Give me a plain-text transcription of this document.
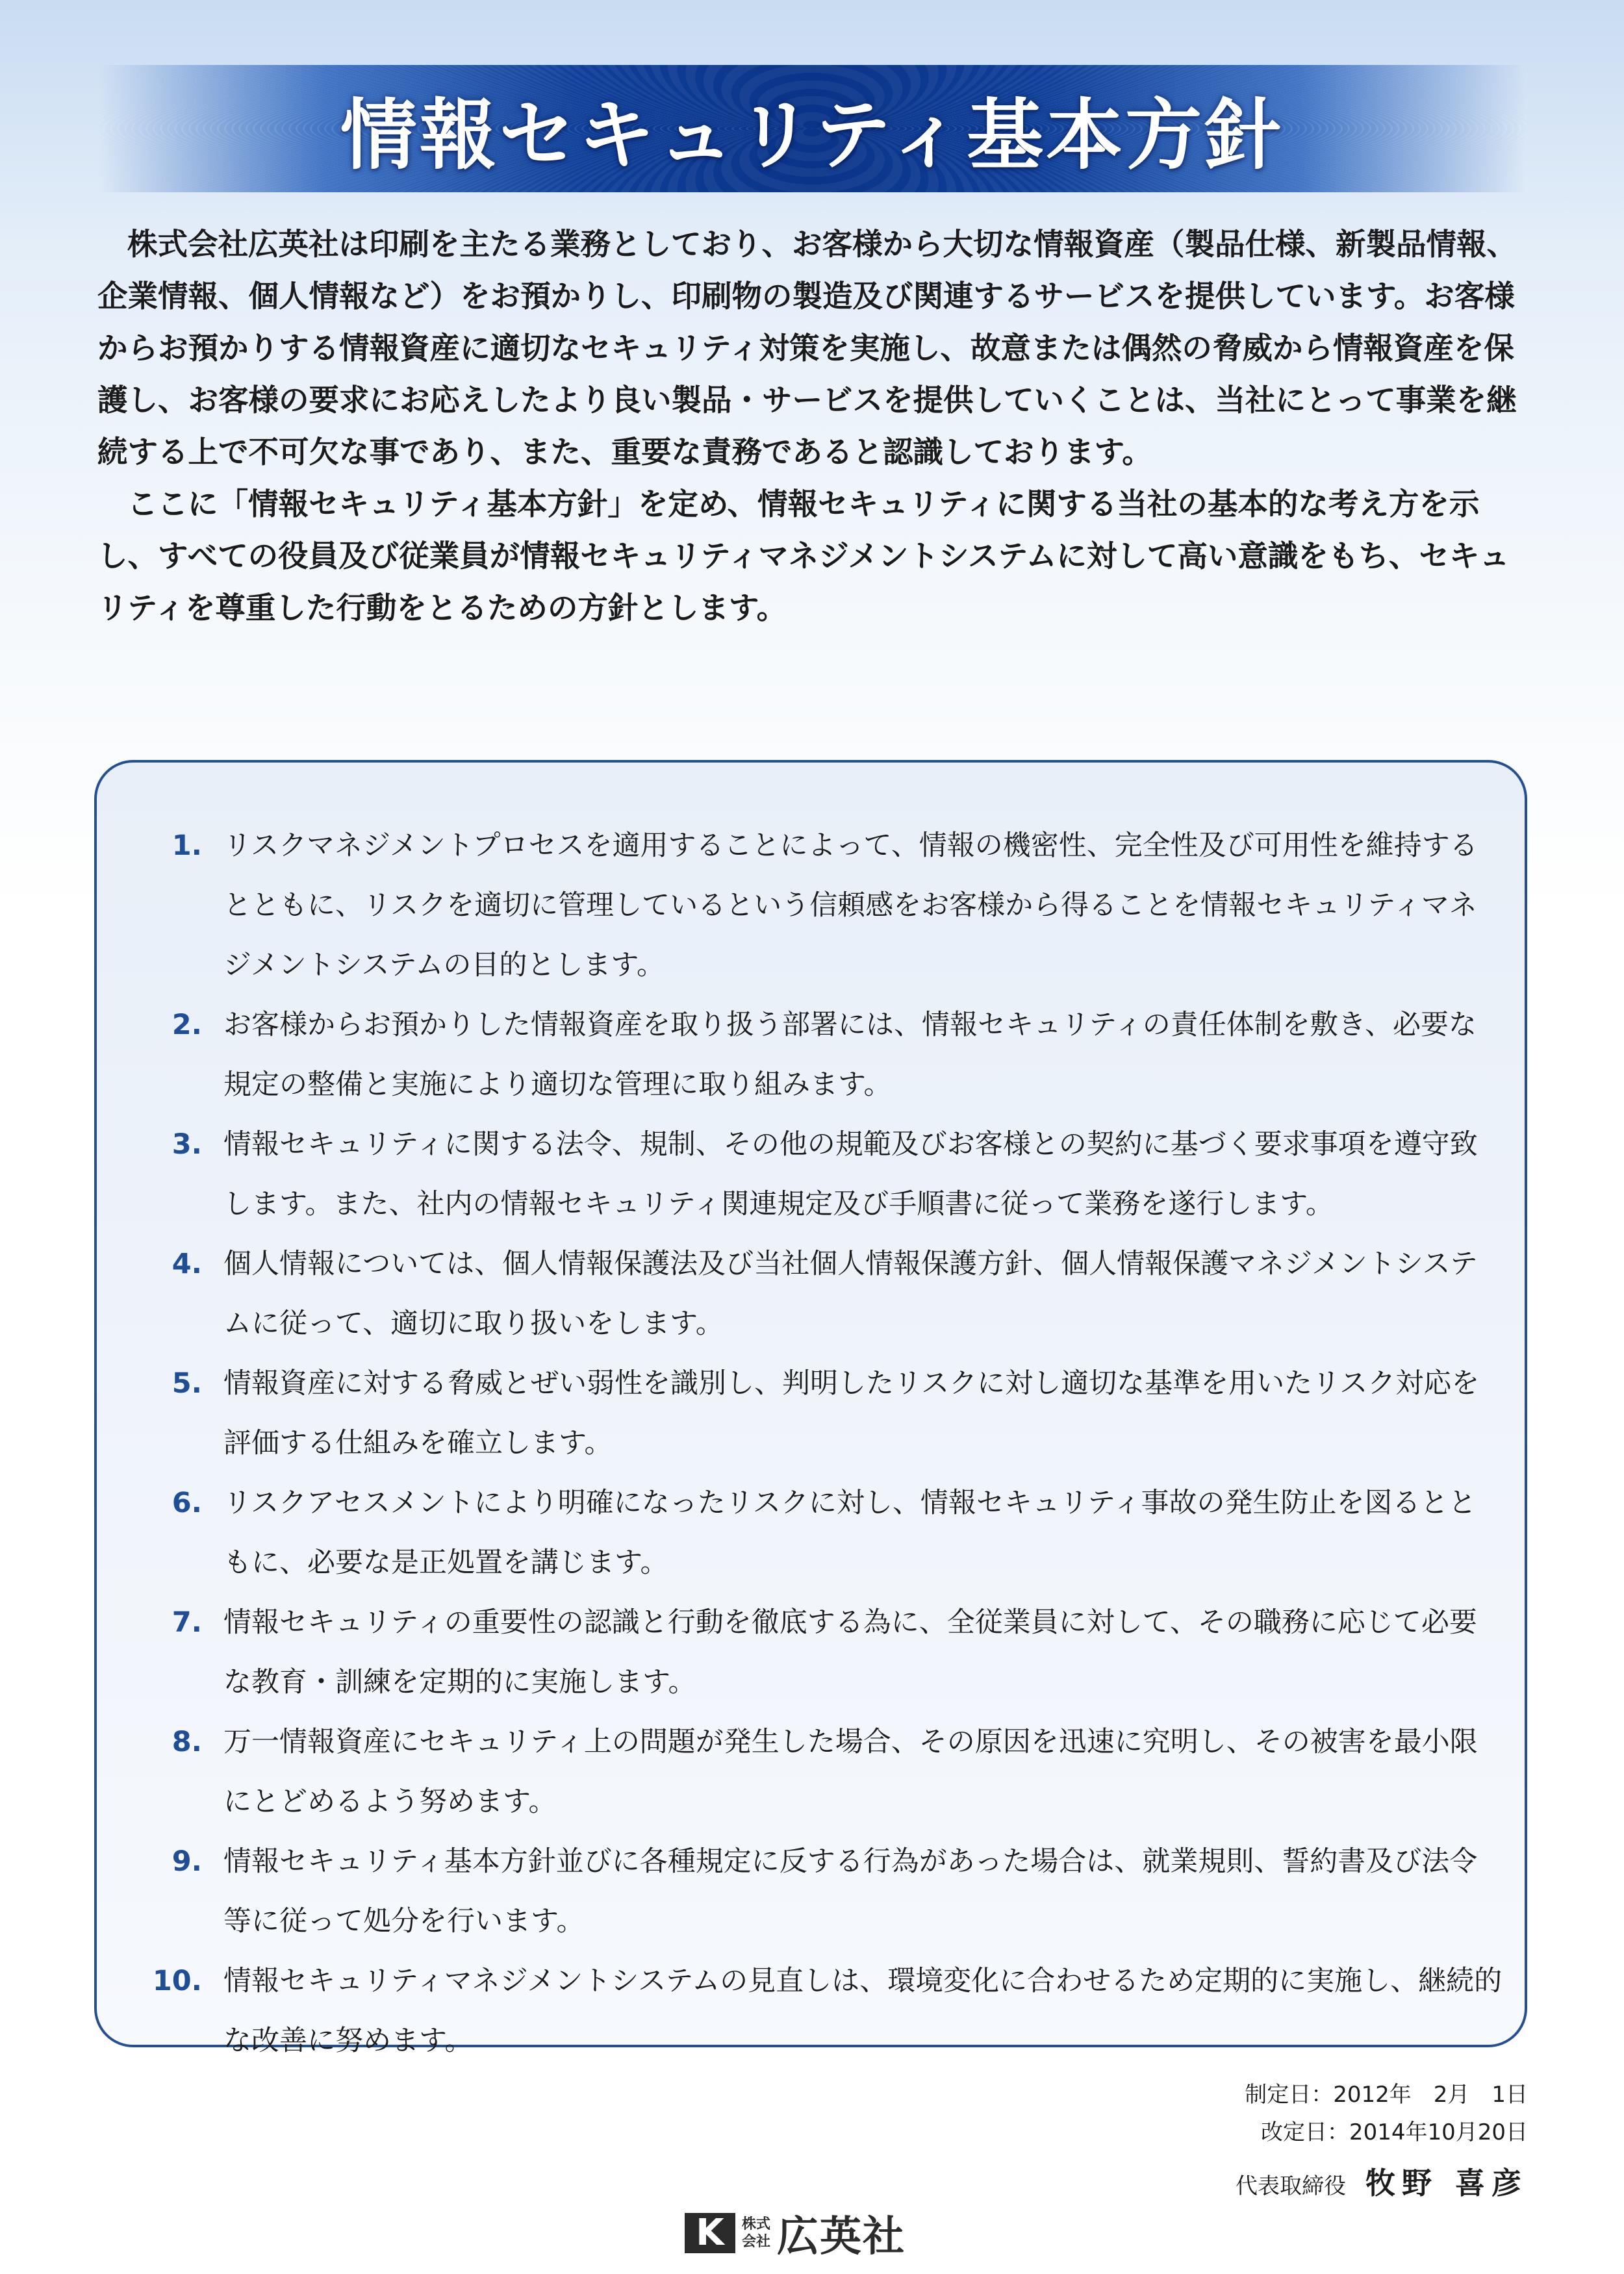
情報セキュリティ基本方針

株式会社広英社は印刷を主たる業務としており、お客様から大切な情報資産（製品仕様、新製品情報、企業情報、個人情報など）をお預かりし、印刷物の製造及び関連するサービスを提供しています。お客様からお預かりする情報資産に適切なセキュリティ対策を実施し、故意または偶然の脅威から情報資産を保護し、お客様の要求にお応えしたより良い製品・サービスを提供していくことは、当社にとって事業を継続する上で不可欠な事であり、また、重要な責務であると認識しております。

ここに「情報セキュリティ基本方針」を定め、情報セキュリティに関する当社の基本的な考え方を示し、すべての役員及び従業員が情報セキュリティマネジメントシステムに対して高い意識をもち、セキュリティを尊重した行動をとるための方針とします。

1. リスクマネジメントプロセスを適用することによって、情報の機密性、完全性及び可用性を維持するとともに、リスクを適切に管理しているという信頼感をお客様から得ることを情報セキュリティマネジメントシステムの目的とします。
2. お客様からお預かりした情報資産を取り扱う部署には、情報セキュリティの責任体制を敷き、必要な規定の整備と実施により適切な管理に取り組みます。
3. 情報セキュリティに関する法令、規制、その他の規範及びお客様との契約に基づく要求事項を遵守致します。また、社内の情報セキュリティ関連規定及び手順書に従って業務を遂行します。
4. 個人情報については、個人情報保護法及び当社個人情報保護方針、個人情報保護マネジメントシステムに従って、適切に取り扱いをします。
5. 情報資産に対する脅威とぜい弱性を識別し、判明したリスクに対し適切な基準を用いたリスク対応を評価する仕組みを確立します。
6. リスクアセスメントにより明確になったリスクに対し、情報セキュリティ事故の発生防止を図るとともに、必要な是正処置を講じます。
7. 情報セキュリティの重要性の認識と行動を徹底する為に、全従業員に対して、その職務に応じて必要な教育・訓練を定期的に実施します。
8. 万一情報資産にセキュリティ上の問題が発生した場合、その原因を迅速に究明し、その被害を最小限にとどめるよう努めます。
9. 情報セキュリティ基本方針並びに各種規定に反する行為があった場合は、就業規則、誓約書及び法令等に従って処分を行います。
10. 情報セキュリティマネジメントシステムの見直しは、環境変化に合わせるため定期的に実施し、継続的な改善に努めます。
制定日：2012年　2月　1日
改定日：2014年10月20日
代表取締役 牧野 喜彦
K	株式
会社 広英社
